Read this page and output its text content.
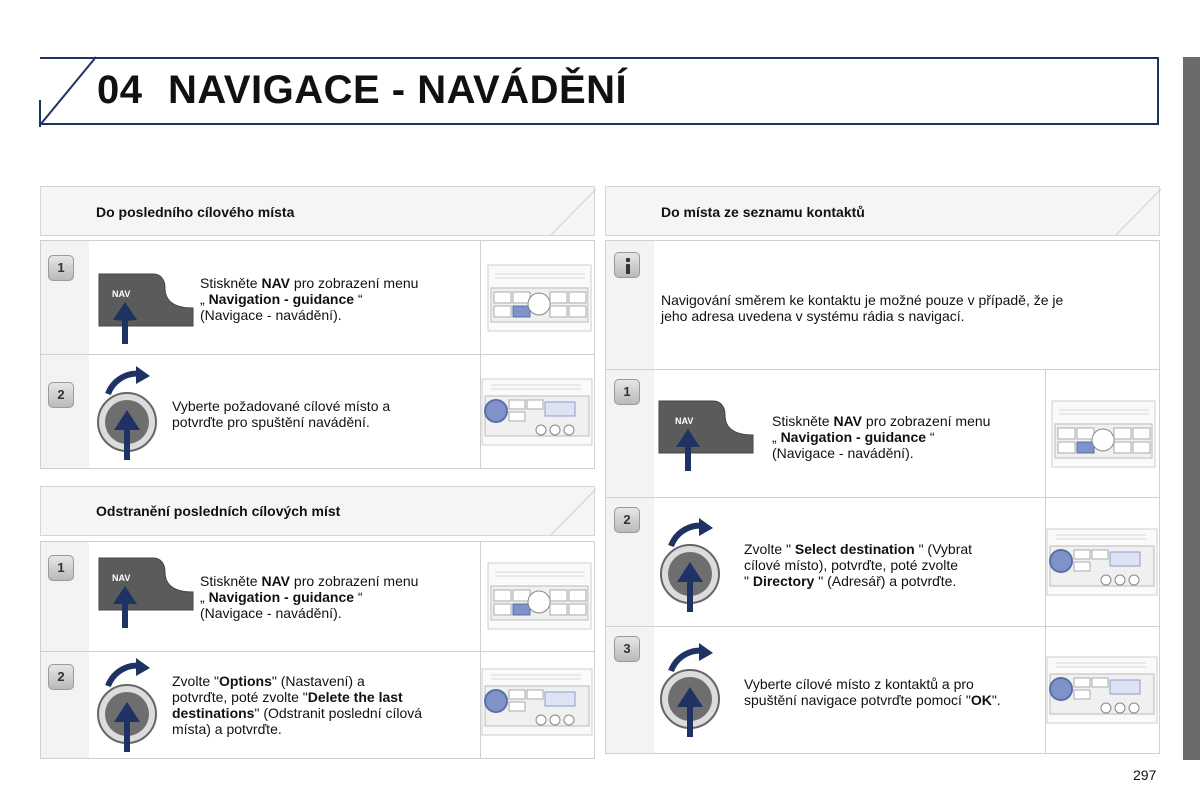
04 NAVIGACE - NAVÁDĚNÍ
Do posledního cílového místa
1
NAV
Stiskněte NAV pro zobrazení menu
„ Navigation - guidance “
(Navigace - navádění).
2
Vyberte požadované cílové místo a
potvrďte pro spuštění navádění.
Odstranění posledních cílových míst
1
NAV	Stiskněte NAV pro zobrazení menu
„ Navigation - guidance “
(Navigace - navádění).
2	Zvolte "Options" (Nastavení) a
potvrďte, poté zvolte "Delete the last
destinations" (Odstranit poslední cílová
místa) a potvrďte.
Do místa ze seznamu kontaktů
Navigování směrem ke kontaktu je možné pouze v případě, že je
jeho adresa uvedena v systému rádia s navigací.
1
NAV	Stiskněte NAV pro zobrazení menu
„ Navigation - guidance “
(Navigace - navádění).
2
Zvolte " Select destination " (Vybrat
cílové místo), potvrďte, poté zvolte
" Directory " (Adresář) a potvrďte.
3
Vyberte cílové místo z kontaktů a pro
spuštění navigace potvrďte pomocí "OK".
297
